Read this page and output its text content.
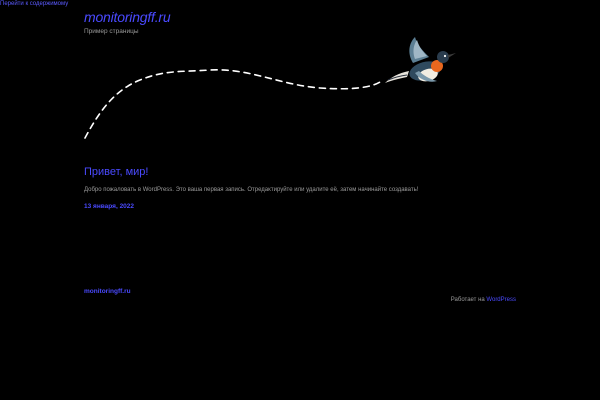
Перейти к содержимому
monitoringff.ru
Пример страницы
Привет, мир!
Добро пожаловать в WordPress. Это ваша первая запись. Отредактируйте или удалите её, затем начинайте создавать!
13 января, 2022
monitoringff.ru
Работает на WordPress
